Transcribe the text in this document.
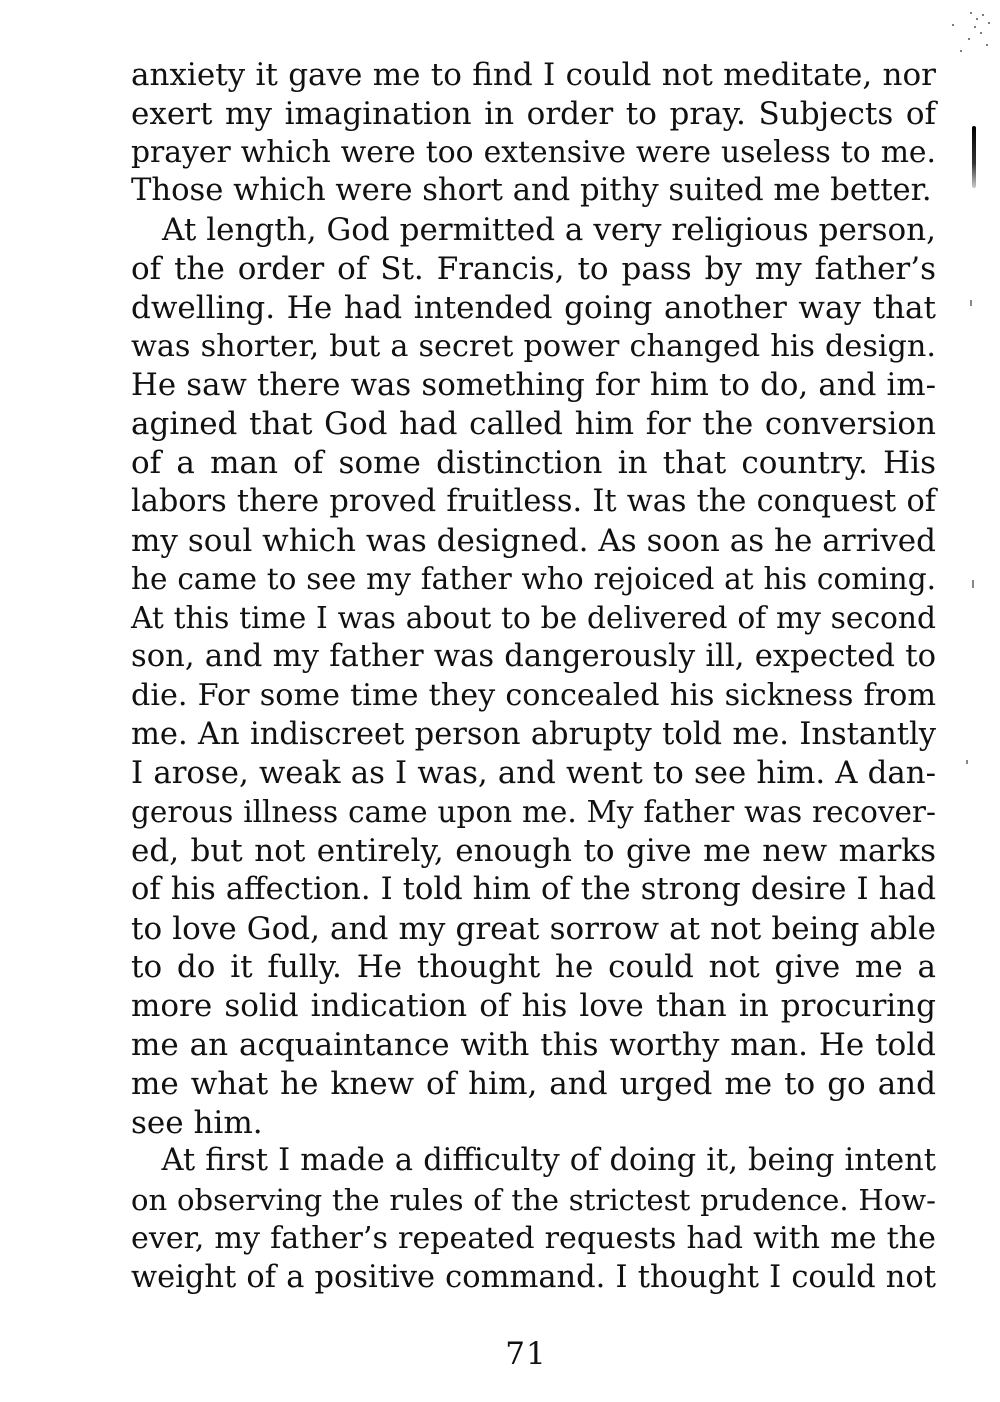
anxiety it gave me to find I could not meditate, nor
exert my imagination in order to pray. Subjects of
prayer which were too extensive were useless to me.
Those which were short and pithy suited me better.
 At length, God permitted a very religious person,
of the order of St. Francis, to pass by my father’s
dwelling. He had intended going another way that
was shorter, but a secret power changed his design.
He saw there was something for him to do, and im-
agined that God had called him for the conversion
of a man of some distinction in that country. His
labors there proved fruitless. It was the conquest of
my soul which was designed. As soon as he arrived
he came to see my father who rejoiced at his coming.
At this time I was about to be delivered of my second
son, and my father was dangerously ill, expected to
die. For some time they concealed his sickness from
me. An indiscreet person abrupty told me. Instantly
I arose, weak as I was, and went to see him. A dan-
gerous illness came upon me. My father was recover-
ed, but not entirely, enough to give me new marks
of his affection. I told him of the strong desire I had
to love God, and my great sorrow at not being able
to do it fully. He thought he could not give me a
more solid indication of his love than in procuring
me an acquaintance with this worthy man. He told
me what he knew of him, and urged me to go and
see him.
 At first I made a difficulty of doing it, being intent
on observing the rules of the strictest prudence. How-
ever, my father’s repeated requests had with me the
weight of a positive command. I thought I could not
71
